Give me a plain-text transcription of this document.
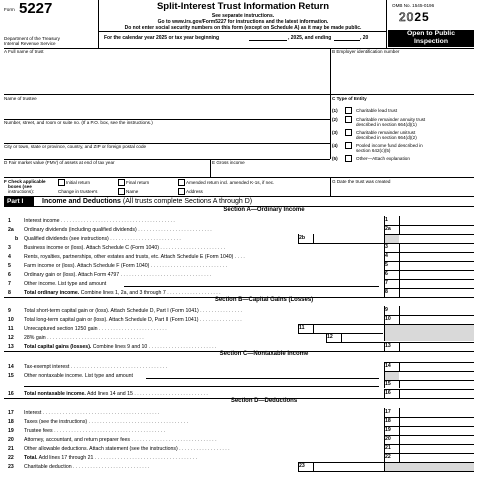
Form 5227
Department of the Treasury
Internal Revenue Service
Split-Interest Trust Information Return
See separate instructions.
Go to www.irs.gov/Form5227 for instructions and the latest information.
Do not enter social security numbers on this form (except on Schedule A) as it may be made public.
For the calendar year 2025 or tax year beginning	, 2025, and ending	, 20
OMB No. 1545-0196
2025
Open to Public
Inspection
A Full name of trust	B Employer identification number
Name of trustee	C Type of Entity
Number, street, and room or suite no. (If a P.O. box, see the instructions.)
City or town, state or province, country, and ZIP or foreign postal code
(1)	Charitable lead trust
(2)	Charitable remainder annuity trust
described in section 664(d)(1)
(3)	Charitable remainder unitrust
described in section 664(d)(2)
(4)	Pooled income fund described in
section 642(c)(5)
(5)	Other—Attach explanation
D Fair market value (FMV) of assets at end of tax year	E Gross income
F Check applicable
boxes (see
instructions):
Initial return	Final return	Amended return incl. amended K-1s, if nec.
Change in trustee's	Name	Address
G Date the trust was created
Part I	Income and Deductions (All trusts complete Sections A through D)
Section A—Ordinary Income
1	Interest income . . . . . . . . . . . . . . . . . . . . . . . . . . . . . . . . . . . . . . . .	1
2a Ordinary dividends (including qualified dividends) . . . . . . . . . . . . . . . . . . . . . . . . . .	2a
b Qualified dividends (see instructions) . . . . . . . . . . . . . . . . . . . . . . . . .	2b
3	Business income or (loss). Attach Schedule C (Form 1040) . . . . . . . . . . . . . . . . . . . . . . .	3
4	Rents, royalties, partnerships, other estates and trusts, etc. Attach Schedule E (Form 1040) . . . .	4
5	Farm income or (loss). Attach Schedule F (Form 1040) . . . . . . . . . . . . . . . . . . . . . . . . . . .	5
6	Ordinary gain or (loss). Attach Form 4797 . . . . . . . . . . . . . . . . . . . . . . . . . . . . . . . .	6
7	Other income. List type and amount	7
8	Total ordinary income. Combine lines 1, 2a, and 3 through 7 . . . . . . . . . . . . . . . . . . .	8
Section B—Capital Gains (Losses)
9	Total short-term capital gain or (loss). Attach Schedule D, Part I (Form 1041) . . . . . . . . . . . . . . .	9
10 Total long-term capital gain or (loss). Attach Schedule D, Part II (Form 1041) . . . . . . . . . . . . . . .	10
11 Unrecaptured section 1250 gain . . . . . . . . . . . . . . . . . . . . . . . .	11
12 28% gain . . . . . . . . . . . . . . . . . . . . . . . . . . . . . . . . . .	12
13 Total capital gains (losses). Combine lines 9 and 10 . . . . . . . . . . . . . . . . . . . . . . . .	13
Section C—Nontaxable Income
14 Tax-exempt interest . . . . . . . . . . . . . . . . . . . . . . . . . . . . . . . . . .	14
15 Other nontaxable income. List type and amount
15
16 Total nontaxable income. Add lines 14 and 15 . . . . . . . . . . . . . . . . . . . . . . . . . .	16
Section D—Deductions
17 Interest . . . . . . . . . . . . . . . . . . . . . . . . . . . . . . . . . . . . . . . . .	17
18 Taxes (see the instructions) . . . . . . . . . . . . . . . . . . . . . . . . . . . . . . . . . . .	18
19 Trustee fees . . . . . . . . . . . . . . . . . . . . . . . . . . . . . . . . . . . . . . .	19
20 Attorney, accountant, and return preparer fees . . . . . . . . . . . . . . . . . . . . . . . . . . . . . .	20
21 Other allowable deductions. Attach statement (see the instructions) . . . . . . . . . . . . . . . . . .	21
22 Total. Add lines 17 through 21 . . . . . . . . . . . . . . . . . . . . . . . . . . . . . . . . . . . .	22
23 Charitable deduction . . . . . . . . . . . . . . . . . . . . . . . . . . .	23
